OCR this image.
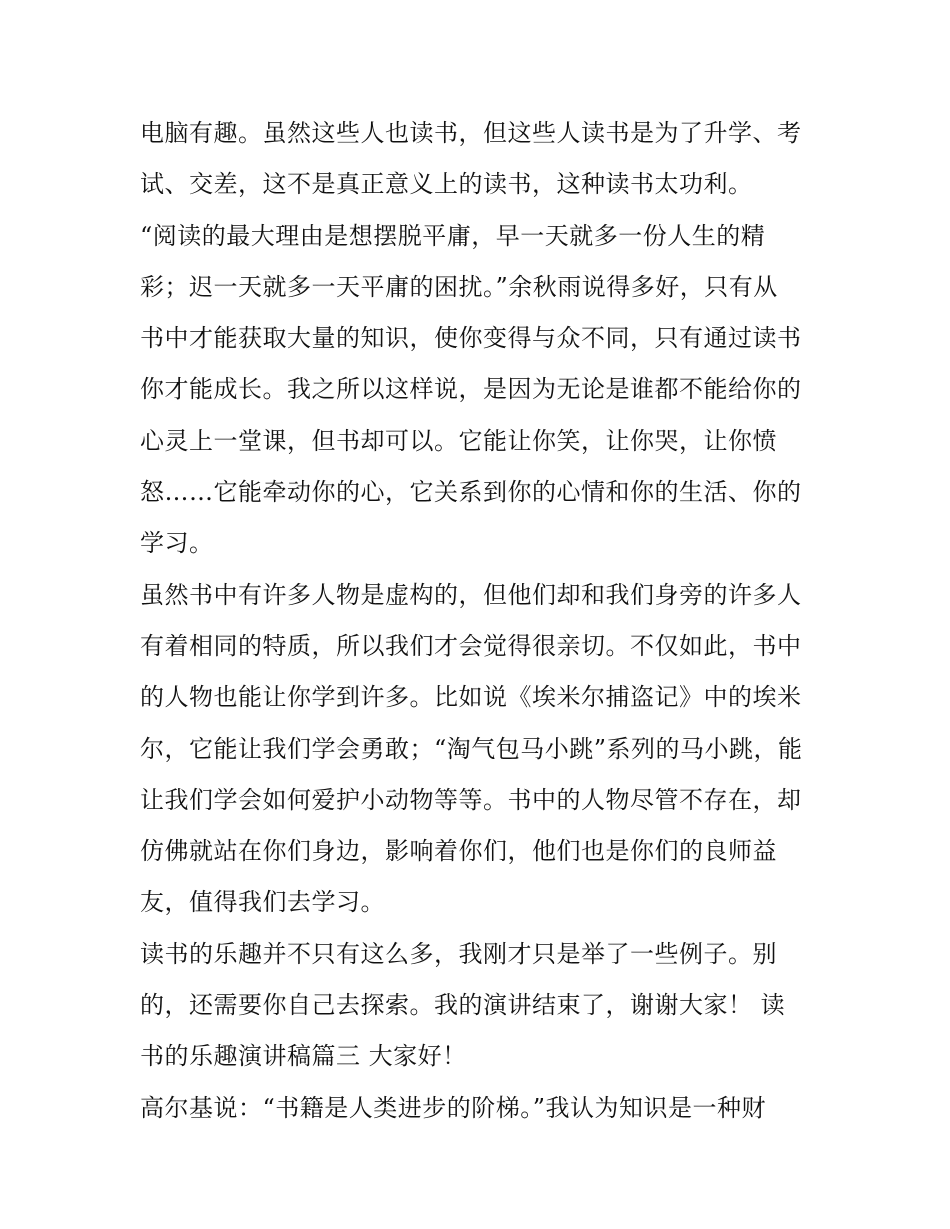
电脑有趣。虽然这些人也读书，但这些人读书是为了升学、考
试、交差，这不是真正意义上的读书，这种读书太功利。
“阅读的最大理由是想摆脱平庸，早一天就多一份人生的精
彩；迟一天就多一天平庸的困扰。”余秋雨说得多好，只有从
书中才能获取大量的知识，使你变得与众不同，只有通过读书
你才能成长。我之所以这样说，是因为无论是谁都不能给你的
心灵上一堂课，但书却可以。它能让你笑，让你哭，让你愤
怒……它能牵动你的心，它关系到你的心情和你的生活、你的
学习。
虽然书中有许多人物是虚构的，但他们却和我们身旁的许多人
有着相同的特质，所以我们才会觉得很亲切。不仅如此，书中
的人物也能让你学到许多。比如说《埃米尔捕盗记》中的埃米
尔，它能让我们学会勇敢；“淘气包马小跳”系列的马小跳，能
让我们学会如何爱护小动物等等。书中的人物尽管不存在，却
仿佛就站在你们身边，影响着你们，他们也是你们的良师益
友，值得我们去学习。
读书的乐趣并不只有这么多，我刚才只是举了一些例子。别
的，还需要你自己去探索。我的演讲结束了，谢谢大家！ 读
书的乐趣演讲稿篇三 大家好！
高尔基说：“书籍是人类进步的阶梯。”我认为知识是一种财
